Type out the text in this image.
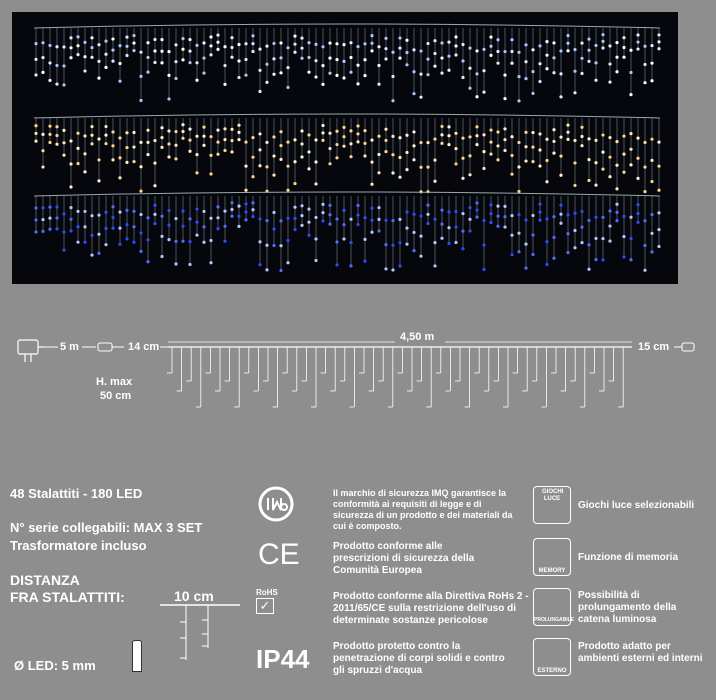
5 m	14 cm
4,50 m
15 cm
H. max
50 cm
48 Stalattiti - 180 LED
N° serie collegabili: MAX 3 SET
Trasformatore incluso
DISTANZA
FRA STALATTITI:	10 cm
Ø LED: 5 mm
Il marchio di sicurezza IMQ garantisce la conformità ai requisiti di legge e di sicurezza di un prodotto e dei materiali da cui è composto.
CE	Prodotto conforme alle prescrizioni di sicurezza della Comunità Europea
RoHS
✓
Prodotto conforme alla Direttiva RoHs 2 - 2011/65/CE sulla restrizione dell'uso di determinate sostanze pericolose
IP44 Prodotto protetto contro la penetrazione di corpi solidi e contro gli spruzzi d'acqua
GIOCHI LUCE
Giochi luce selezionabili
MEMORY
Funzione di memoria
PROLUNGABILE
Possibilità di prolungamento della catena luminosa
ESTERNO
Prodotto adatto per ambienti esterni ed interni
